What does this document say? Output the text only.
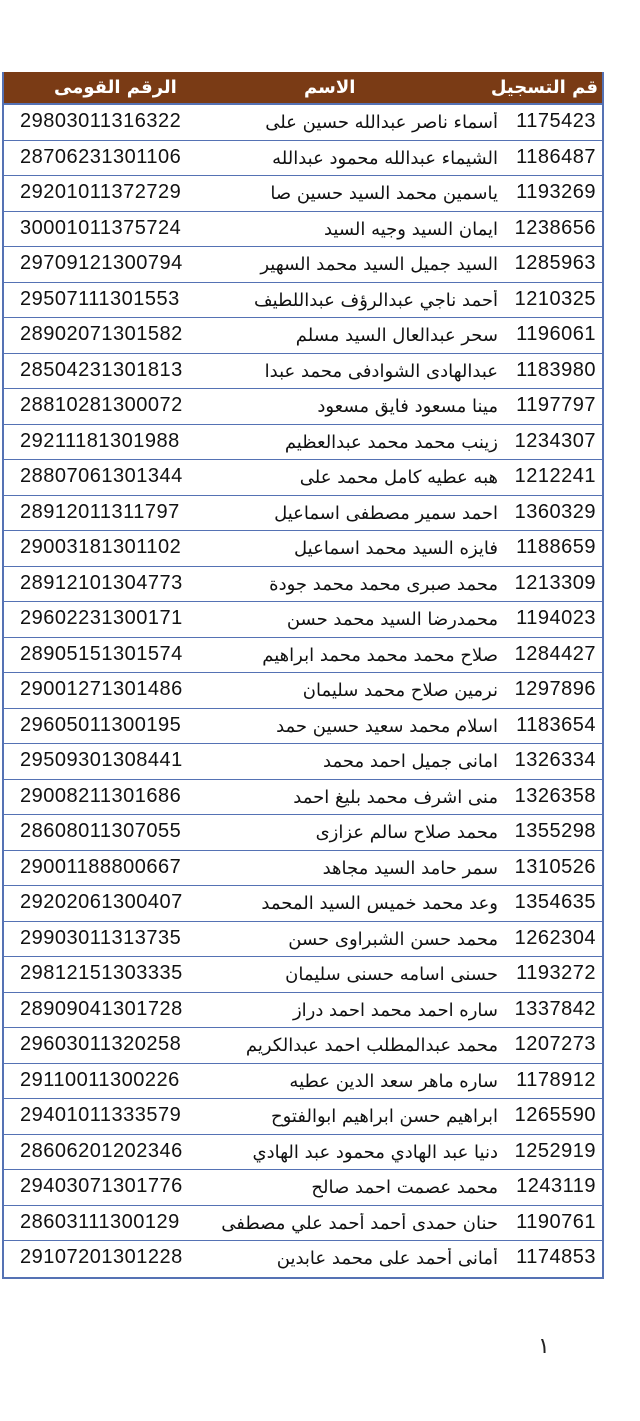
قم التسجيل
الاسم
الرقم القومى
1175423
أسماء ناصر عبدالله حسين على
29803011316322
1186487
الشيماء عبدالله محمود عبدالله
28706231301106
1193269
ياسمين محمد السيد حسين صا
29201011372729
1238656
ايمان السيد وجيه السيد
30001011375724
1285963
السيد جميل السيد محمد السهير
29709121300794
1210325
أحمد ناجي عبدالرؤف عبداللطيف
29507111301553
1196061
سحر عبدالعال السيد مسلم
28902071301582
1183980
عبدالهادى الشوادفى محمد عبدا
28504231301813
1197797
مينا مسعود فايق مسعود
28810281300072
1234307
زينب محمد محمد عبدالعظيم
29211181301988
1212241
هبه عطيه كامل محمد على
28807061301344
1360329
احمد سمير مصطفى اسماعيل
28912011311797
1188659
فايزه السيد محمد اسماعيل
29003181301102
1213309
محمد صبرى محمد محمد جودة
28912101304773
1194023
محمدرضا السيد محمد حسن
29602231300171
1284427
صلاح محمد محمد محمد ابراهيم
28905151301574
1297896
نرمين صلاح محمد سليمان
29001271301486
1183654
اسلام محمد سعيد حسين حمد
29605011300195
1326334
امانى جميل احمد محمد
29509301308441
1326358
منى اشرف محمد بليغ احمد
29008211301686
1355298
محمد صلاح سالم عزازى
28608011307055
1310526
سمر حامد السيد مجاهد
29001188800667
1354635
وعد محمد خميس السيد المحمد
29202061300407
1262304
محمد حسن الشبراوى حسن
29903011313735
1193272
حسنى اسامه حسنى سليمان
29812151303335
1337842
ساره احمد محمد احمد دراز
28909041301728
1207273
محمد عبدالمطلب احمد عبدالكريم
29603011320258
1178912
ساره ماهر سعد الدين عطيه
29110011300226
1265590
ابراهيم حسن ابراهيم ابوالفتوح
29401011333579
1252919
دنيا عبد الهادي محمود عبد الهادي
28606201202346
1243119
محمد عصمت احمد صالح
29403071301776
1190761
حنان حمدى أحمد أحمد علي مصطفى
28603111300129
1174853
أمانى أحمد على محمد عابدين
29107201301228
١
